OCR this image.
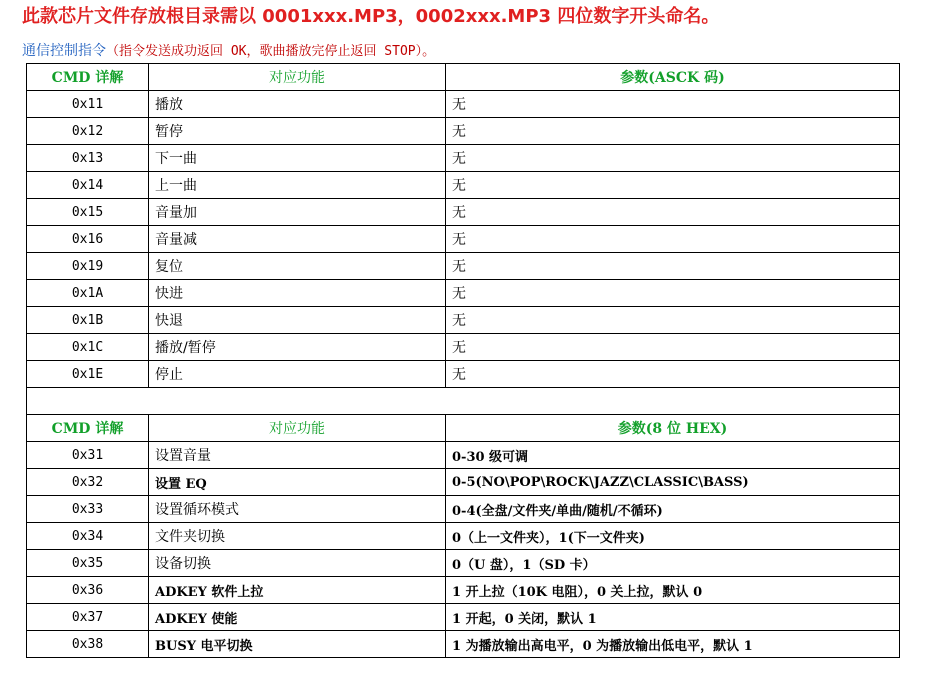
此款芯片文件存放根目录需以 0001xxx.MP3，0002xxx.MP3 四位数字开头命名。
通信控制指令（指令发送成功返回 OK，歌曲播放完停止返回 STOP）。
CMD 详解	对应功能	参数(ASCK 码)
0x11	播放	无
0x12	暂停	无
0x13	下一曲	无
0x14	上一曲	无
0x15	音量加	无
0x16	音量减	无
0x19	复位	无
0x1A	快进	无
0x1B	快退	无
0x1C	播放/暂停	无
0x1E	停止	无

CMD 详解	对应功能	参数(8 位 HEX)
0x31	设置音量	0-30 级可调
0x32	设置 EQ	0-5(NO\POP\ROCK\JAZZ\CLASSIC\BASS)
0x33	设置循环模式	0-4(全盘/文件夹/单曲/随机/不循环)
0x34	文件夹切换	0（上一文件夹），1(下一文件夹)
0x35	设备切换	0（U 盘），1（SD 卡）
0x36	ADKEY 软件上拉	1 开上拉（10K 电阻），0 关上拉，默认 0
0x37	ADKEY 使能	1 开起，0 关闭，默认 1
0x38	BUSY 电平切换	1 为播放输出高电平，0 为播放输出低电平，默认 1
